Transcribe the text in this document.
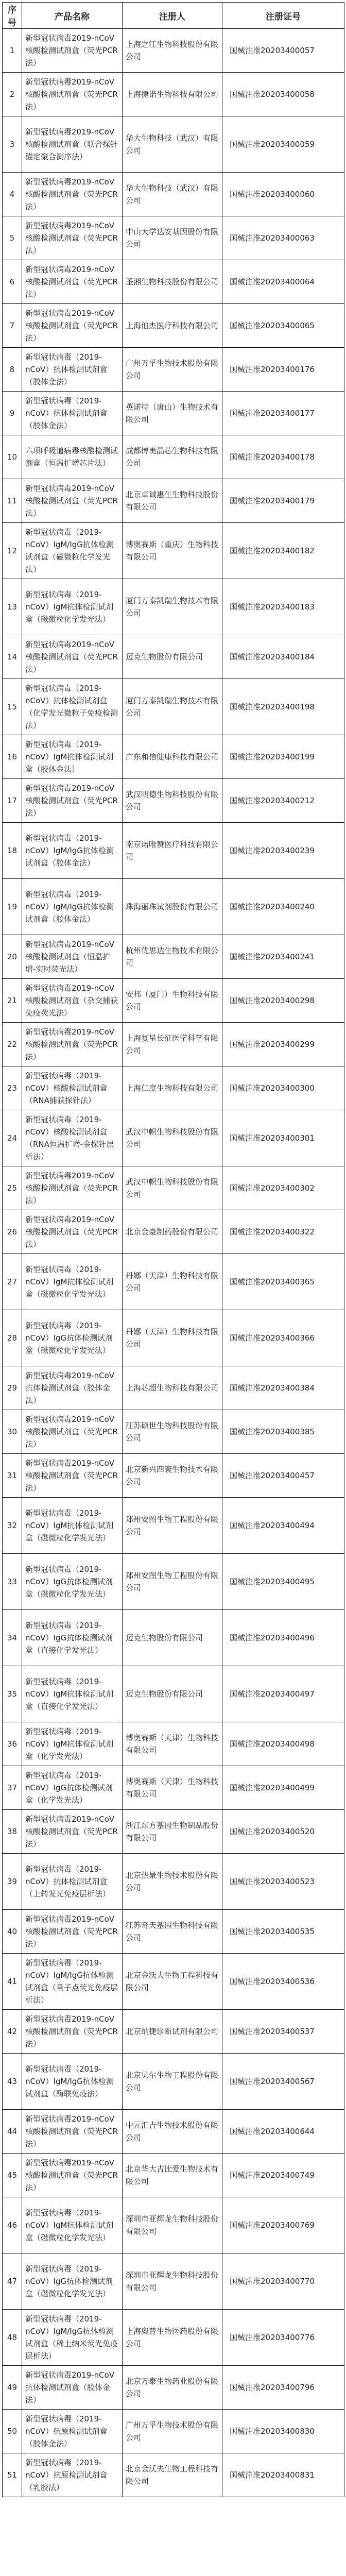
序号	产品名称	注册人	注册证号
1	新型冠状病毒2019-nCoV核酸检测试剂盒（荧光PCR法）	上海之江生物科技股份有限公司	国械注准20203400057
2	新型冠状病毒2019-nCoV核酸检测试剂盒（荧光PCR法）	上海捷诺生物科技有限公司	国械注准20203400058
3	新型冠状病毒2019-nCoV核酸检测试剂盒（联合探针锚定聚合测序法）	华大生物科技（武汉）有限公司	国械注准20203400059
4	新型冠状病毒2019-nCoV核酸检测试剂盒（荧光PCR法）	华大生物科技（武汉）有限公司	国械注准20203400060
5	新型冠状病毒2019-nCoV核酸检测试剂盒（荧光PCR法）	中山大学达安基因股份有限公司	国械注准20203400063
6	新型冠状病毒2019-nCoV核酸检测试剂盒（荧光PCR法）	圣湘生物科技股份有限公司	国械注准20203400064
7	新型冠状病毒2019-nCoV核酸检测试剂盒（荧光PCR法）	上海伯杰医疗科技有限公司	国械注准20203400065
8	新型冠状病毒（2019-nCoV）抗体检测试剂盒（胶体金法）	广州万孚生物技术股份有限公司	国械注准20203400176
9	新型冠状病毒（2019-nCoV）抗体检测试剂盒（胶体金法）	英诺特（唐山）生物技术有限公司	国械注准20203400177
10	六项呼吸道病毒核酸检测试剂盒（恒温扩增芯片法）	成都博奥晶芯生物科技有限公司	国械注准20203400178
11	新型冠状病毒2019-nCoV核酸检测试剂盒（荧光PCR法）	北京卓诚惠生生物科技股份有限公司	国械注准20203400179
12	新型冠状病毒（2019-nCoV）IgM/IgG抗体检测试剂盒（磁微粒化学发光法）	博奥赛斯（重庆）生物科技有限公司	国械注准20203400182
13	新型冠状病毒（2019-nCoV）IgM抗体检测试剂盒（磁微粒化学发光法）	厦门万泰凯瑞生物技术有限公司	国械注准20203400183
14	新型冠状病毒2019-nCoV核酸检测试剂盒（荧光PCR法）	迈克生物股份有限公司	国械注准20203400184
15	新型冠状病毒（2019-nCoV）抗体检测试剂盒（化学发光微粒子免疫检测法）	厦门万泰凯瑞生物技术有限公司	国械注准20203400198
16	新型冠状病毒（2019-nCoV）IgM抗体检测试剂盒（胶体金法）	广东和信健康科技有限公司	国械注准20203400199
17	新型冠状病毒2019-nCoV核酸检测试剂盒（荧光PCR法）	武汉明德生物科技股份有限公司	国械注准20203400212
18	新型冠状病毒（2019-nCoV）IgM/IgG抗体检测试剂盒（胶体金法）	南京诺唯赞医疗科技有限公司	国械注准20203400239
19	新型冠状病毒（2019-nCoV）IgM/IgG抗体检测试剂盒（胶体金法）	珠海丽珠试剂股份有限公司	国械注准20203400240
20	新型冠状病毒2019-nCoV核酸检测试剂盒（恒温扩增-实时荧光法）	杭州优思达生物技术有限公司	国械注准20203400241
21	新型冠状病毒2019-nCoV核酸检测试剂盒（杂交捕获免疫荧光法）	安邦（厦门）生物科技有限公司	国械注准20203400298
22	新型冠状病毒2019-nCoV核酸检测试剂盒（荧光PCR法）	上海复星长征医学科学有限公司	国械注准20203400299
23	新型冠状病毒（2019-nCoV）核酸检测试剂盒（RNA捕获探针法）	上海仁度生物科技有限公司	国械注准20203400300
24	新型冠状病毒（2019-nCoV）核酸检测试剂盒（RNA恒温扩增-金探针层析法）	武汉中帜生物科技股份有限公司	国械注准20203400301
25	新型冠状病毒2019-nCoV核酸检测试剂盒（荧光PCR法）	武汉中帜生物科技股份有限公司	国械注准20203400302
26	新型冠状病毒2019-nCoV核酸检测试剂盒（荧光PCR法）	北京金豪制药股份有限公司	国械注准20203400322
27	新型冠状病毒（2019-nCoV）IgM抗体检测试剂盒（磁微粒化学发光法）	丹娜（天津）生物科技有限公司	国械注准20203400365
28	新型冠状病毒（2019-nCoV）IgG抗体检测试剂盒（磁微粒化学发光法）	丹娜（天津）生物科技有限公司	国械注准20203400366
29	新型冠状病毒2019-nCoV抗体检测试剂盒（胶体金法）	上海芯超生物科技有限公司	国械注准20203400384
30	新型冠状病毒2019-nCoV核酸检测试剂盒（荧光PCR法）	江苏硕世生物科技股份有限公司	国械注准20203400385
31	新型冠状病毒2019-nCoV核酸检测试剂盒（荧光PCR法）	北京新兴四寰生物技术有限公司	国械注准20203400457
32	新型冠状病毒（2019-nCoV）IgM抗体检测试剂盒（磁微粒化学发光法）	郑州安图生物工程股份有限公司	国械注准20203400494
33	新型冠状病毒（2019-nCoV）IgG抗体检测试剂盒（磁微粒化学发光法）	郑州安图生物工程股份有限公司	国械注准20203400495
34	新型冠状病毒（2019-nCoV）IgG抗体检测试剂盒（直接化学发光法）	迈克生物股份有限公司	国械注准20203400496
35	新型冠状病毒（2019-nCoV）IgM抗体检测试剂盒（直接化学发光法）	迈克生物股份有限公司	国械注准20203400497
36	新型冠状病毒（2019-nCoV）IgM抗体检测试剂盒（化学发光法）	博奥赛斯（天津）生物科技有限公司	国械注准20203400498
37	新型冠状病毒（2019-nCoV）IgG抗体检测试剂盒（化学发光法）	博奥赛斯（天津）生物科技有限公司	国械注准20203400499
38	新型冠状病毒2019-nCoV核酸检测试剂盒（荧光PCR法）	浙江东方基因生物制品股份有限公司	国械注准20203400520
39	新型冠状病毒（2019-nCoV）抗体检测试剂盒（上转发光免疫层析法）	北京热景生物技术股份有限公司	国械注准20203400523
40	新型冠状病毒2019-nCoV核酸检测试剂盒（荧光PCR法）	江苏奇天基因生物科技有限公司	国械注准20203400535
41	新型冠状病毒（2019-nCoV）IgM/IgG抗体检测试剂盒（量子点荧光免疫层析法）	北京金沃夫生物工程科技有限公司	国械注准20203400536
42	新型冠状病毒2019-nCoV核酸检测试剂盒（荧光PCR法）	北京纳捷诊断试剂有限公司	国械注准20203400537
43	新型冠状病毒（2019-nCoV）IgM/IgG抗体检测试剂盒（酶联免疫法）	北京贝尔生物工程股份有限公司	国械注准20203400567
44	新型冠状病毒2019-nCoV核酸检测试剂盒（荧光PCR法）	中元汇吉生物技术股份有限公司	国械注准20203400644
45	新型冠状病毒2019-nCoV核酸检测试剂盒（荧光PCR法）	北京华大吉比爱生物技术有限公司	国械注准20203400749
46	新型冠状病毒（2019-nCoV）IgM抗体检测试剂盒（磁微粒化学发光法）	深圳市亚辉龙生物科技股份有限公司	国械注准20203400769
47	新型冠状病毒（2019-nCoV）IgG抗体检测试剂盒（磁微粒化学发光法）	深圳市亚辉龙生物科技股份有限公司	国械注准20203400770
48	新型冠状病毒（2019-nCoV）IgM/IgG抗体检测试剂盒（稀土纳米荧光免疫层析法）	上海奥普生物医药股份有限公司	国械注准20203400776
49	新型冠状病毒2019-nCoV抗体检测试剂盒（胶体金法）	北京万泰生物药业股份有限公司	国械注准20203400796
50	新型冠状病毒（2019-nCoV）抗原检测试剂盒（胶体金法）	广州万孚生物技术股份有限公司	国械注准20203400830
51	新型冠状病毒（2019-nCoV）抗原检测试剂盒（乳胶法）	北京金沃夫生物工程科技有限公司	国械注准20203400831
